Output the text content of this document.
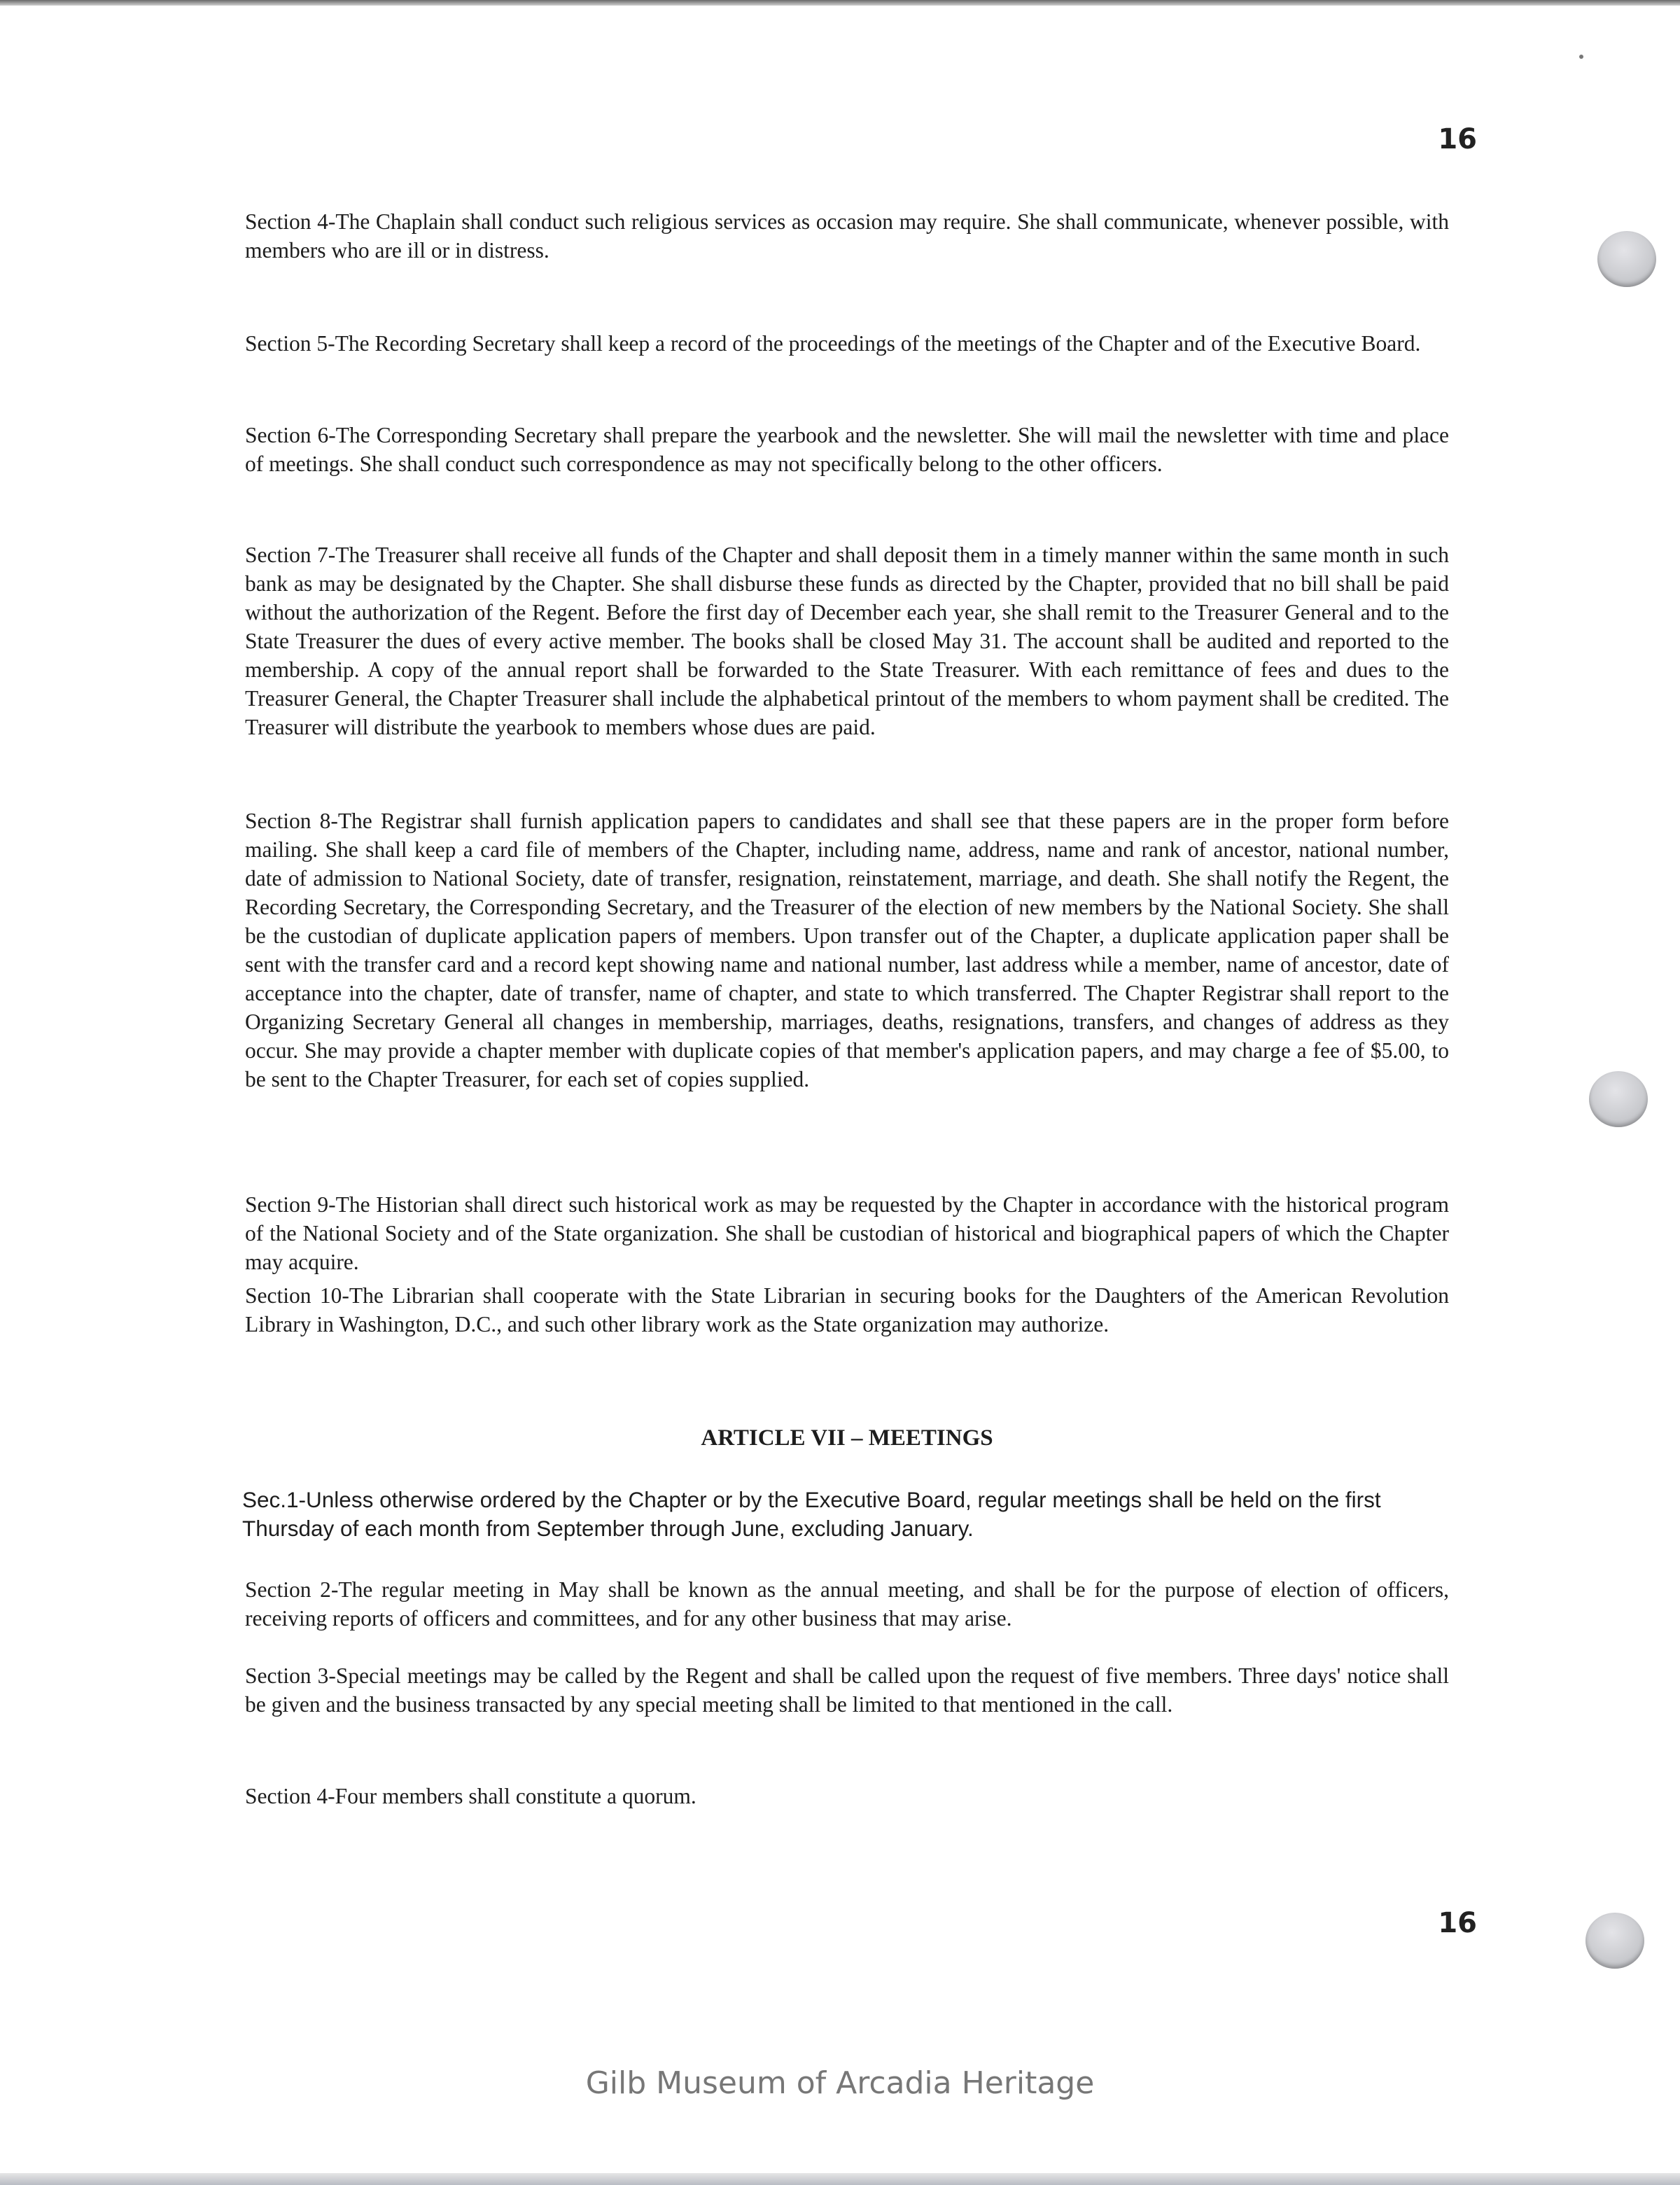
16

Section 4-The Chaplain shall conduct such religious services as occasion may require. She shall communicate, whenever possible, with members who are ill or in distress.

Section 5-The Recording Secretary shall keep a record of the proceedings of the meetings of the Chapter and of the Executive Board.

Section 6-The Corresponding Secretary shall prepare the yearbook and the newsletter. She will mail the newsletter with time and place of meetings. She shall conduct such correspondence as may not specifically belong to the other officers.

Section 7-The Treasurer shall receive all funds of the Chapter and shall deposit them in a timely manner within the same month in such bank as may be designated by the Chapter. She shall disburse these funds as directed by the Chapter, provided that no bill shall be paid without the authorization of the Regent. Before the first day of December each year, she shall remit to the Treasurer General and to the State Treasurer the dues of every active member. The books shall be closed May 31. The account shall be audited and reported to the membership. A copy of the annual report shall be forwarded to the State Treasurer. With each remittance of fees and dues to the Treasurer General, the Chapter Treasurer shall include the alphabetical printout of the members to whom payment shall be credited. The Treasurer will distribute the yearbook to members whose dues are paid.

Section 8-The Registrar shall furnish application papers to candidates and shall see that these papers are in the proper form before mailing. She shall keep a card file of members of the Chapter, including name, address, name and rank of ancestor, national number, date of admission to National Society, date of transfer, resignation, reinstatement, marriage, and death. She shall notify the Regent, the Recording Secretary, the Corresponding Secretary, and the Treasurer of the election of new members by the National Society. She shall be the custodian of duplicate application papers of members. Upon transfer out of the Chapter, a duplicate application paper shall be sent with the transfer card and a record kept showing name and national number, last address while a member, name of ancestor, date of acceptance into the chapter, date of transfer, name of chapter, and state to which transferred. The Chapter Registrar shall report to the Organizing Secretary General all changes in membership, marriages, deaths, resignations, transfers, and changes of address as they occur. She may provide a chapter member with duplicate copies of that member's application papers, and may charge a fee of $5.00, to be sent to the Chapter Treasurer, for each set of copies supplied.

Section 9-The Historian shall direct such historical work as may be requested by the Chapter in accordance with the historical program of the National Society and of the State organization. She shall be custodian of historical and biographical papers of which the Chapter may acquire.

Section 10-The Librarian shall cooperate with the State Librarian in securing books for the Daughters of the American Revolution Library in Washington, D.C., and such other library work as the State organization may authorize.

ARTICLE VII – MEETINGS

Sec.1-Unless otherwise ordered by the Chapter or by the Executive Board, regular meetings shall be held on the first Thursday of each month from September through June, excluding January.

Section 2-The regular meeting in May shall be known as the annual meeting, and shall be for the purpose of election of officers, receiving reports of officers and committees, and for any other business that may arise.

Section 3-Special meetings may be called by the Regent and shall be called upon the request of five members. Three days' notice shall be given and the business transacted by any special meeting shall be limited to that mentioned in the call.

Section 4-Four members shall constitute a quorum.

16
Gilb Museum of Arcadia Heritage
